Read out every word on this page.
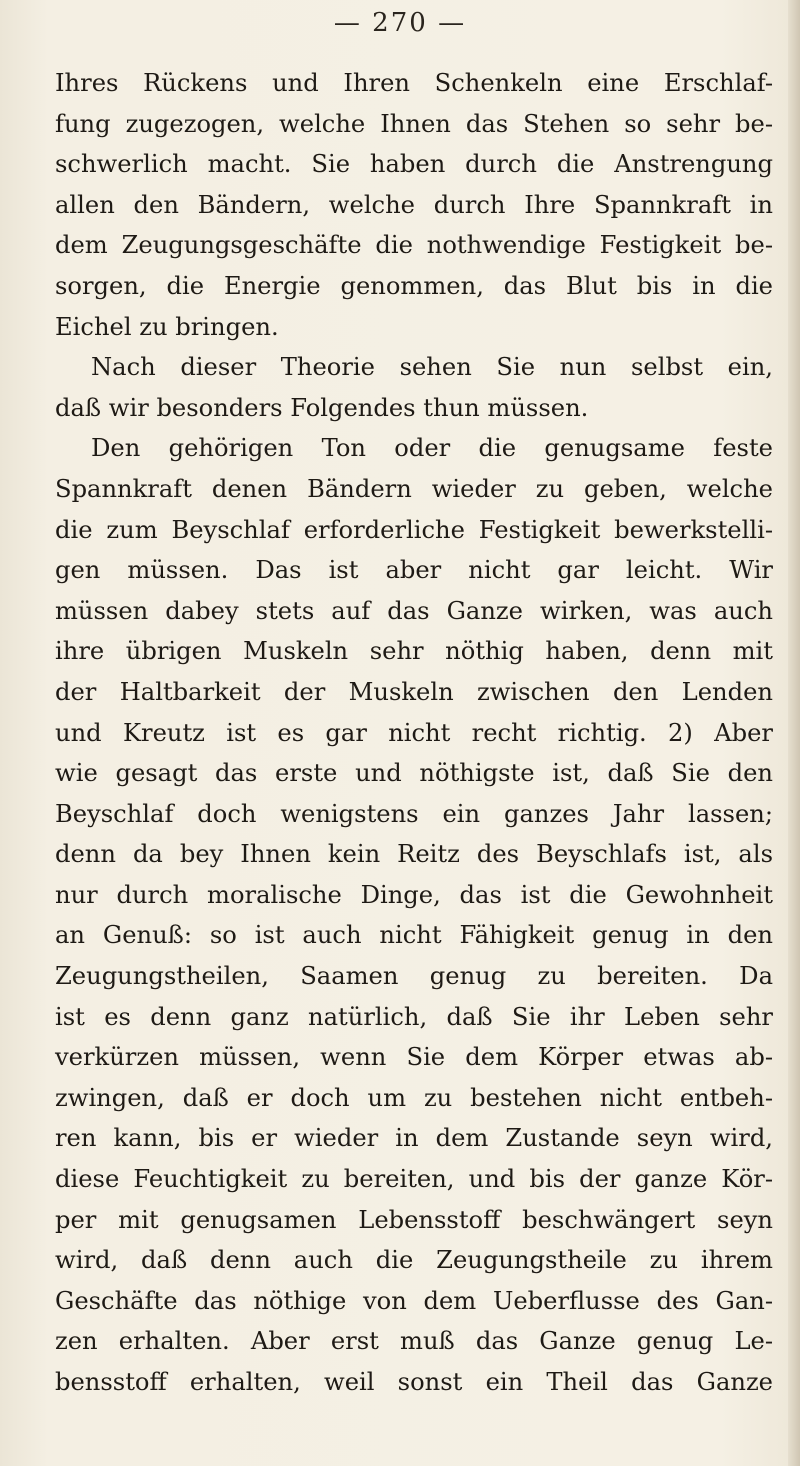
— 270 —
Ihres Rückens und Ihren Schenkeln eine Erschlaf-
fung zugezogen, welche Ihnen das Stehen so sehr be-
schwerlich macht. Sie haben durch die Anstrengung
allen den Bändern, welche durch Ihre Spannkraft in
dem Zeugungsgeschäfte die nothwendige Festigkeit be-
sorgen, die Energie genommen, das Blut bis in die
Eichel zu bringen.
Nach dieser Theorie sehen Sie nun selbst ein,
daß wir besonders Folgendes thun müssen.
Den gehörigen Ton oder die genugsame feste
Spannkraft denen Bändern wieder zu geben, welche
die zum Beyschlaf erforderliche Festigkeit bewerkstelli-
gen müssen. Das ist aber nicht gar leicht. Wir
müssen dabey stets auf das Ganze wirken, was auch
ihre übrigen Muskeln sehr nöthig haben, denn mit
der Haltbarkeit der Muskeln zwischen den Lenden
und Kreutz ist es gar nicht recht richtig. 2) Aber
wie gesagt das erste und nöthigste ist, daß Sie den
Beyschlaf doch wenigstens ein ganzes Jahr lassen;
denn da bey Ihnen kein Reitz des Beyschlafs ist, als
nur durch moralische Dinge, das ist die Gewohnheit
an Genuß: so ist auch nicht Fähigkeit genug in den
Zeugungstheilen, Saamen genug zu bereiten. Da
ist es denn ganz natürlich, daß Sie ihr Leben sehr
verkürzen müssen, wenn Sie dem Körper etwas ab-
zwingen, daß er doch um zu bestehen nicht entbeh-
ren kann, bis er wieder in dem Zustande seyn wird,
diese Feuchtigkeit zu bereiten, und bis der ganze Kör-
per mit genugsamen Lebensstoff beschwängert seyn
wird, daß denn auch die Zeugungstheile zu ihrem
Geschäfte das nöthige von dem Ueberflusse des Gan-
zen erhalten. Aber erst muß das Ganze genug Le-
bensstoff erhalten, weil sonst ein Theil das Ganze
